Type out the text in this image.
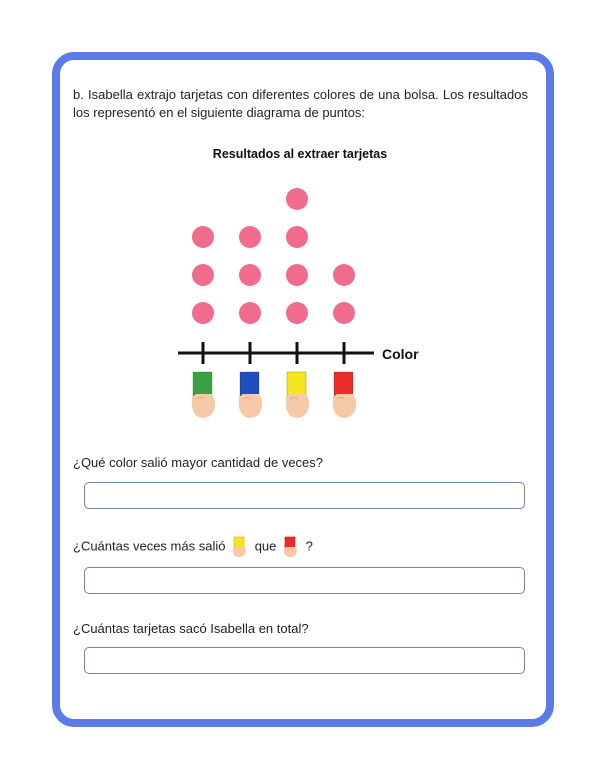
b. Isabella extrajo tarjetas con diferentes colores de una bolsa. Los resultados los representó en el siguiente diagrama de puntos:
Resultados al extraer tarjetas
Color
¿Qué color salió mayor cantidad de veces?
¿Cuántas veces más salió que ?
¿Cuántas tarjetas sacó Isabella en total?
